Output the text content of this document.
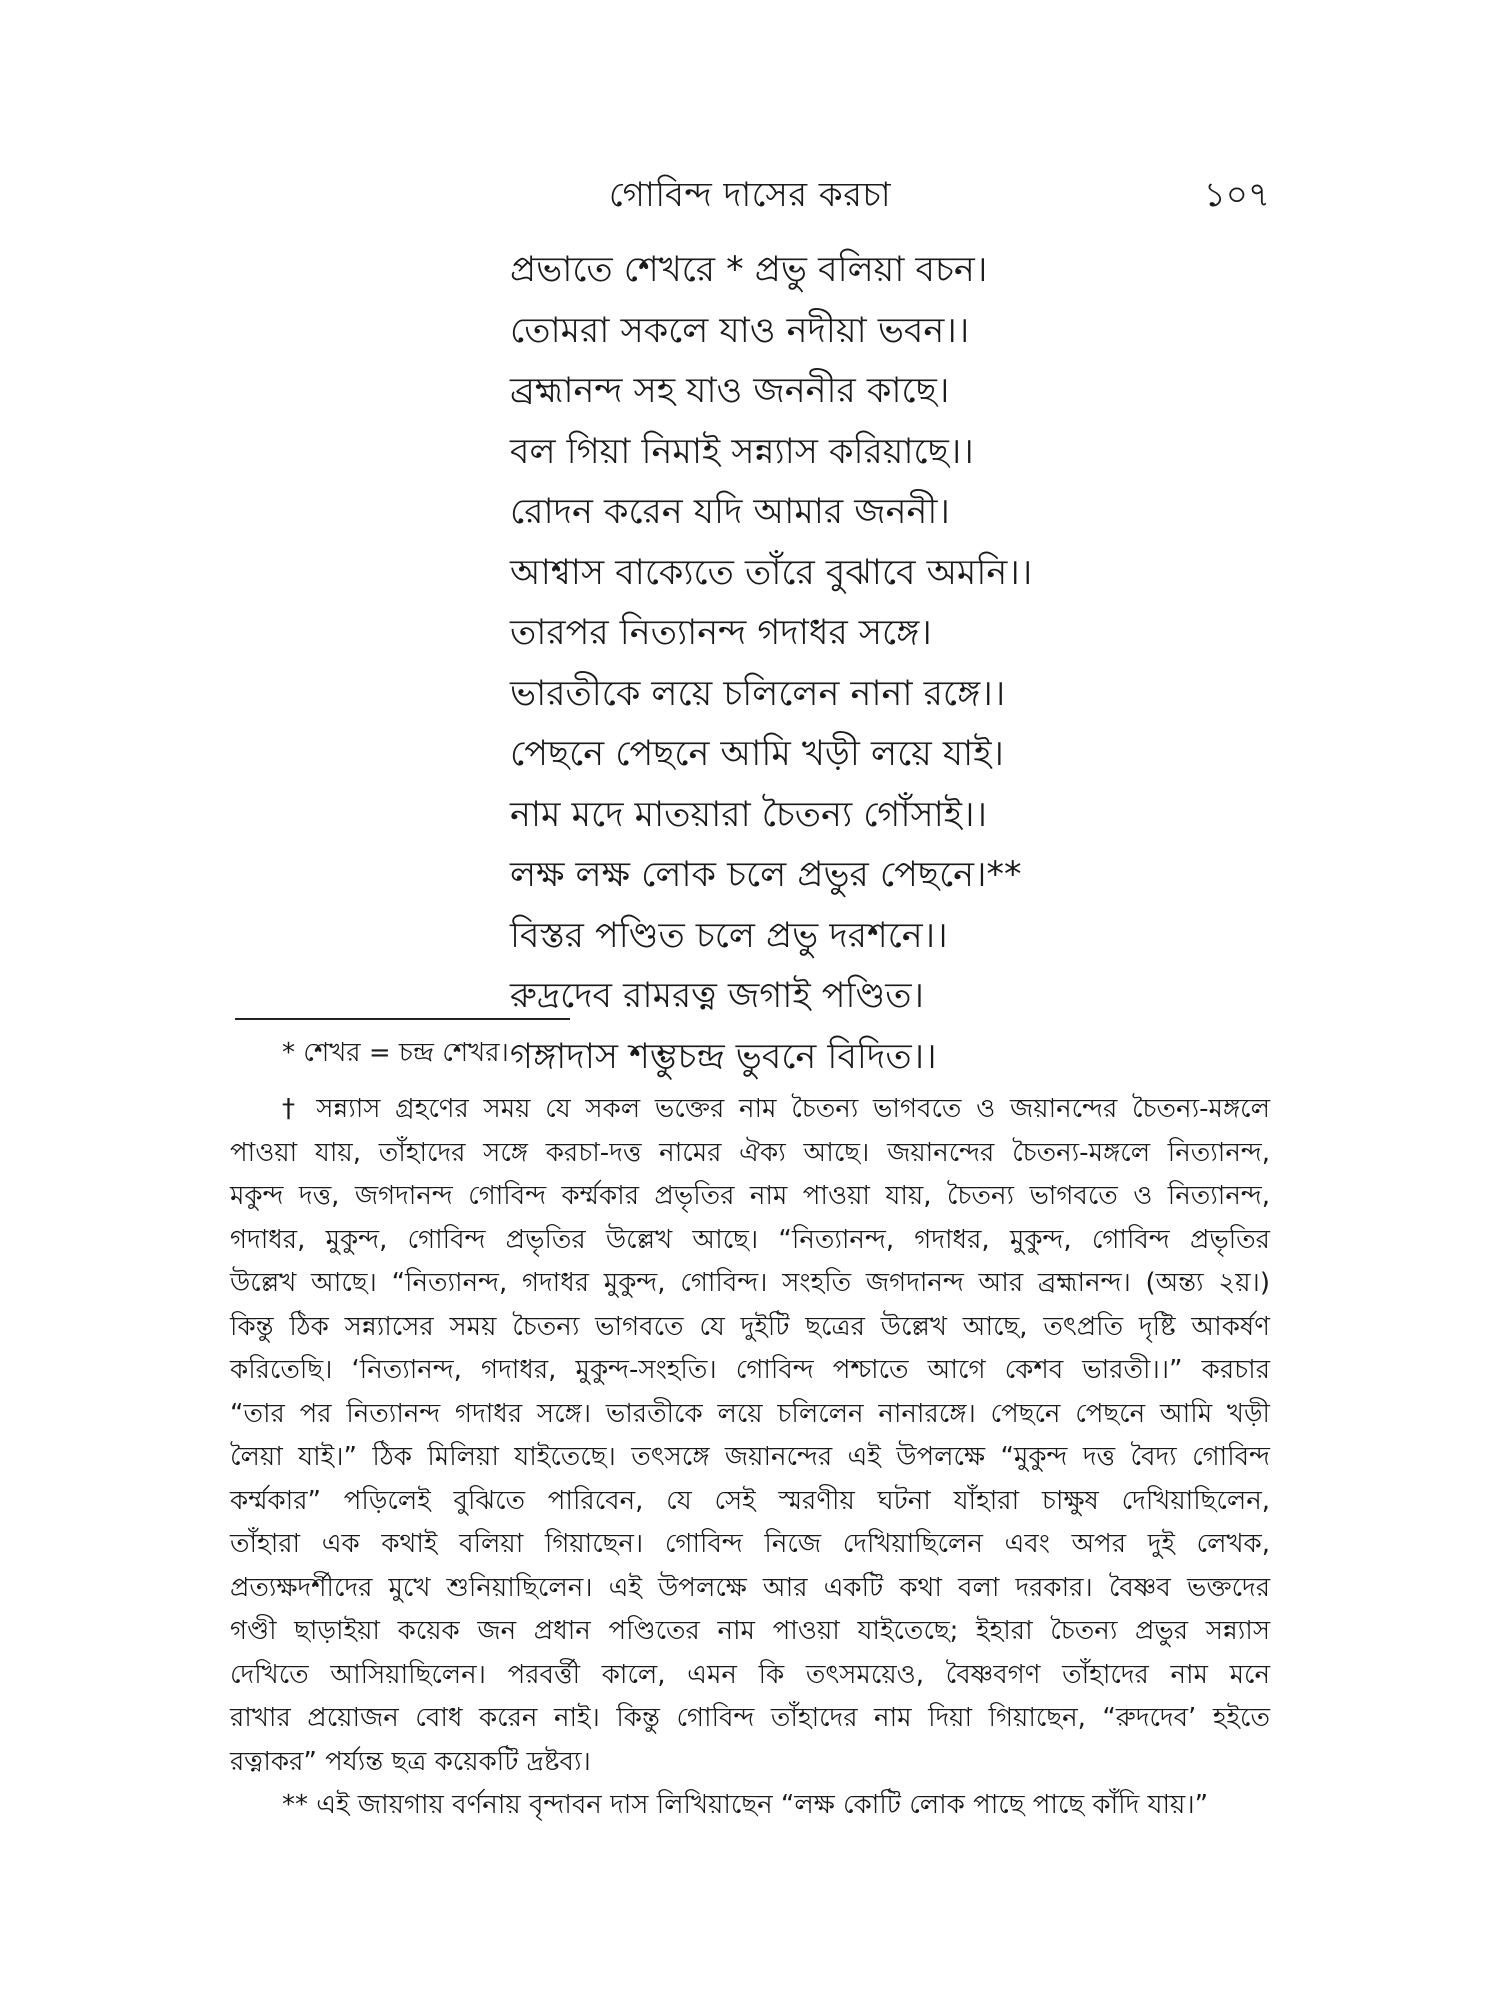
গোবিন্দ দাসের করচা	১০৭
প্রভাতে শেখরে * প্রভু বলিয়া বচন।
তোমরা সকলে যাও নদীয়া ভবন।।
ব্রহ্মানন্দ সহ যাও জননীর কাছে।
বল গিয়া নিমাই সন্ন্যাস করিয়াছে।।
রোদন করেন যদি আমার জননী।
আশ্বাস বাক্যেতে তাঁরে বুঝাবে অমনি।।
তারপর নিত্যানন্দ গদাধর সঙ্গে।
ভারতীকে লয়ে চলিলেন নানা রঙ্গে।।
পেছনে পেছনে আমি খড়ী লয়ে যাই।
নাম মদে মাতয়ারা চৈতন্য গোঁসাই।।
লক্ষ লক্ষ লোক চলে প্রভুর পেছনে।**
বিস্তর পণ্ডিত চলে প্রভু দরশনে।।
রুদ্রদেব রামরত্ন জগাই পণ্ডিত।
গঙ্গাদাস শম্ভুচন্দ্র ভুবনে বিদিত।।
* শেখর = চন্দ্র শেখর।
† সন্ন্যাস গ্রহণের সময় যে সকল ভক্তের নাম চৈতন্য ভাগবতে ও জয়ানন্দের চৈতন্য-মঙ্গলে
পাওয়া যায়, তাঁহাদের সঙ্গে করচা-দত্ত নামের ঐক্য আছে। জয়ানন্দের চৈতন্য-মঙ্গলে নিত্যানন্দ,
মকুন্দ দত্ত, জগদানন্দ গোবিন্দ কর্ম্মকার প্রভৃতির নাম পাওয়া যায়, চৈতন্য ভাগবতে ও নিত্যানন্দ,
গদাধর, মুকুন্দ, গোবিন্দ প্রভৃতির উল্লেখ আছে। “নিত্যানন্দ, গদাধর, মুকুন্দ, গোবিন্দ প্রভৃতির
উল্লেখ আছে। “নিত্যানন্দ, গদাধর মুকুন্দ, গোবিন্দ। সংহতি জগদানন্দ আর ব্রহ্মানন্দ। (অন্ত্য ২য়।)
কিন্তু ঠিক সন্ন্যাসের সময় চৈতন্য ভাগবতে যে দুইটি ছত্রের উল্লেখ আছে, তৎপ্রতি দৃষ্টি আকর্ষণ
করিতেছি। ‘নিত্যানন্দ, গদাধর, মুকুন্দ-সংহতি। গোবিন্দ পশ্চাতে আগে কেশব ভারতী।।” করচার
“তার পর নিত্যানন্দ গদাধর সঙ্গে। ভারতীকে লয়ে চলিলেন নানারঙ্গে। পেছনে পেছনে আমি খড়ী
লৈয়া যাই।” ঠিক মিলিয়া যাইতেছে। তৎসঙ্গে জয়ানন্দের এই উপলক্ষে “মুকুন্দ দত্ত বৈদ্য গোবিন্দ
কর্ম্মকার” পড়িলেই বুঝিতে পারিবেন, যে সেই স্মরণীয় ঘটনা যাঁহারা চাক্ষুষ দেখিয়াছিলেন,
তাঁহারা এক কথাই বলিয়া গিয়াছেন। গোবিন্দ নিজে দেখিয়াছিলেন এবং অপর দুই লেখক,
প্রত্যক্ষদর্শীদের মুখে শুনিয়াছিলেন। এই উপলক্ষে আর একটি কথা বলা দরকার। বৈষ্ণব ভক্তদের
গণ্ডী ছাড়াইয়া কয়েক জন প্রধান পণ্ডিতের নাম পাওয়া যাইতেছে; ইহারা চৈতন্য প্রভুর সন্ন্যাস
দেখিতে আসিয়াছিলেন। পরবর্ত্তী কালে, এমন কি তৎসময়েও, বৈষ্ণবগণ তাঁহাদের নাম মনে
রাখার প্রয়োজন বোধ করেন নাই। কিন্তু গোবিন্দ তাঁহাদের নাম দিয়া গিয়াছেন, “রুদদেব’ হইতে
রত্নাকর” পর্য্যন্ত ছত্র কয়েকটি দ্রষ্টব্য।
** এই জায়গায় বর্ণনায় বৃন্দাবন দাস লিখিয়াছেন “লক্ষ কোটি লোক পাছে পাছে কাঁদি যায়।”
